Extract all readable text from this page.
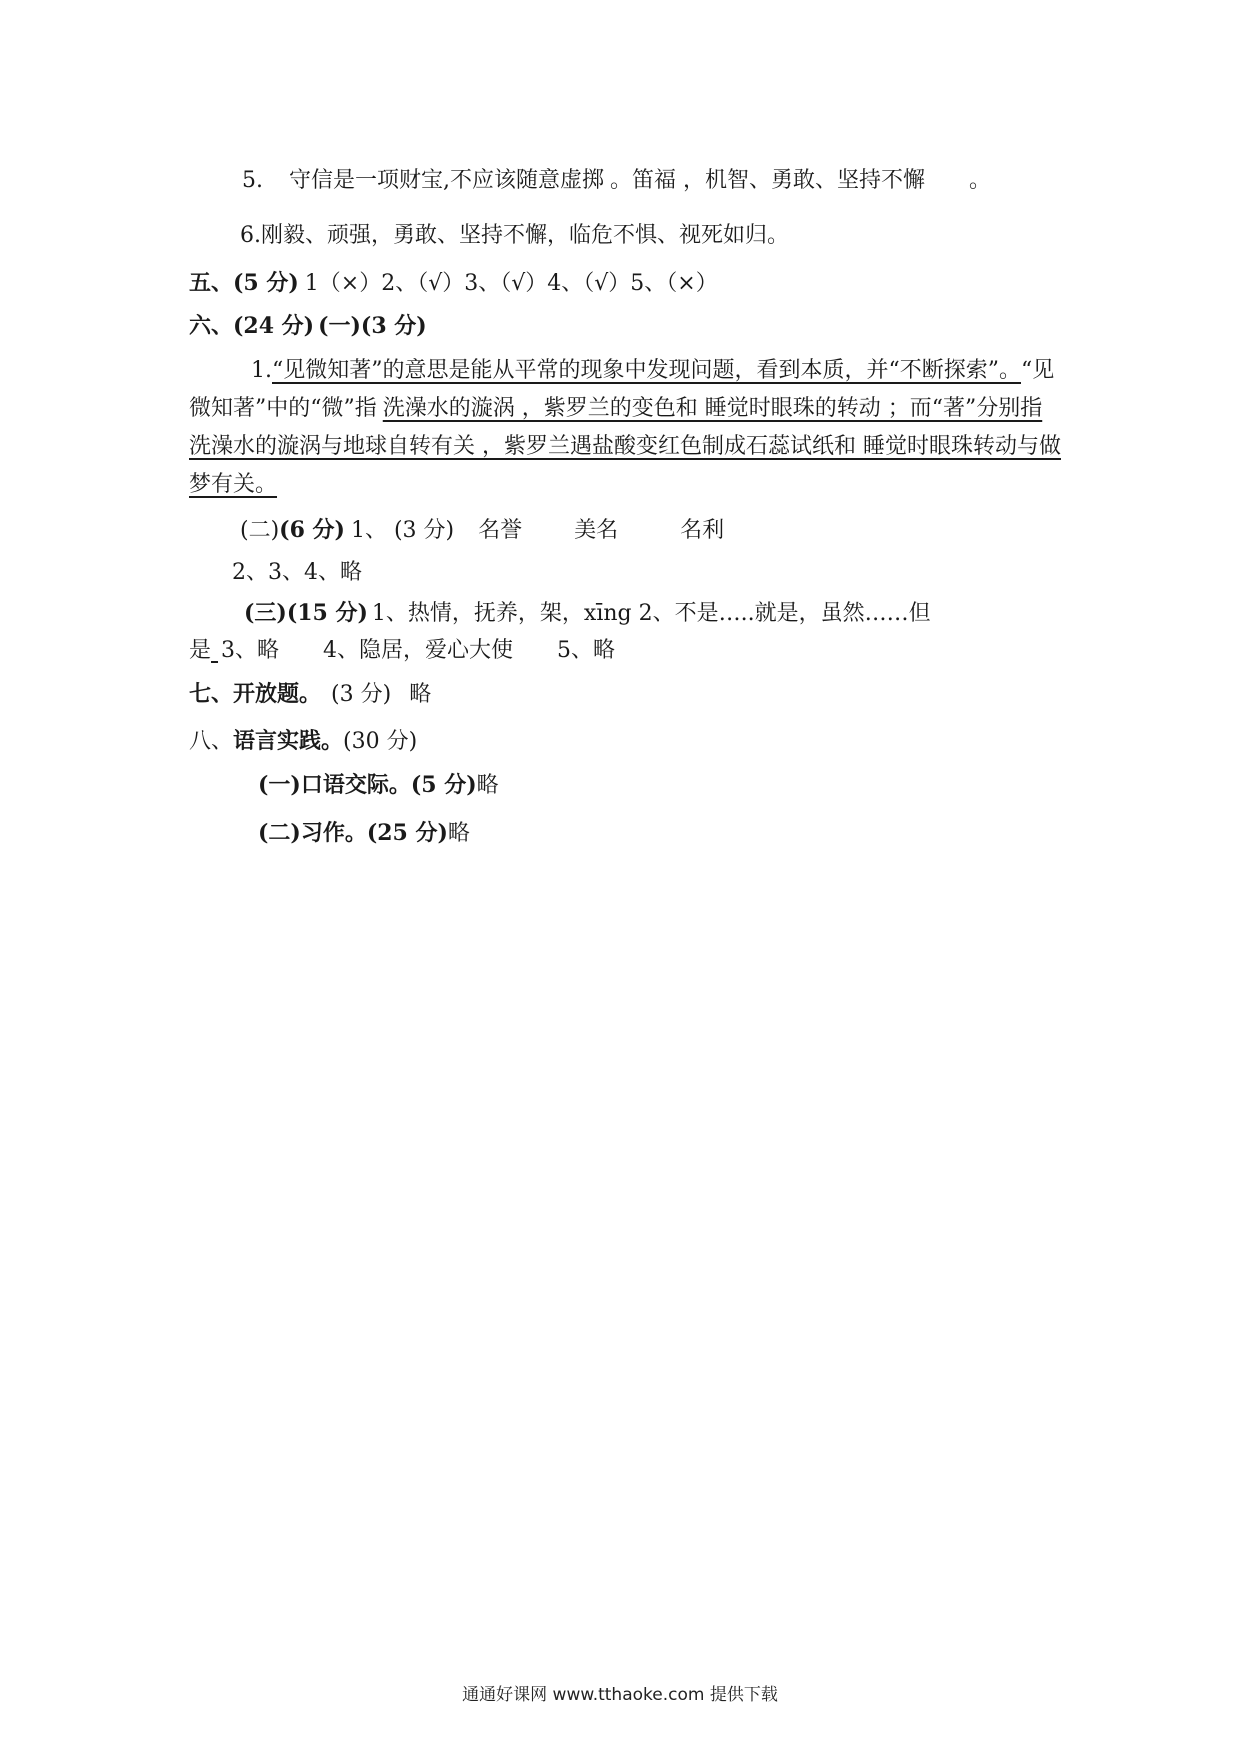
5. 守信是一项财宝,不应该随意虚掷 。笛福 ，机智、勇敢、坚持不懈 。
6.刚毅、顽强，勇敢、坚持不懈，临危不惧、视死如归。
五、(5 分) 1（×）2、（√）3、（√）4、（√）5、（×）
六、(24 分) (一)(3 分)
1.“见微知著”的意思是能从平常的现象中发现问题，看到本质，并“不断探索”。“见微知著”中的“微”指 洗澡水的漩涡 ，紫罗兰的变色和 睡觉时眼珠的转动 ；而“著”分别指洗澡水的漩涡与地球自转有关 ，紫罗兰遇盐酸变红色制成石蕊试纸和 睡觉时眼珠转动与做梦有关。
(二)(6 分) 1、 (3 分) 名誉 美名	名利
2、3、4、略
(三)(15 分) 1、热情，抚养，架，xīng 2、不是…..就是，虽然……但
是 3、略 4、隐居，爱心大使 5、略
七、开放题。 (3 分) 略
八、语言实践。(30 分)
(一)口语交际。(5 分)略
(二)习作。(25 分)略
通通好课网 www.tthaoke.com 提供下载
